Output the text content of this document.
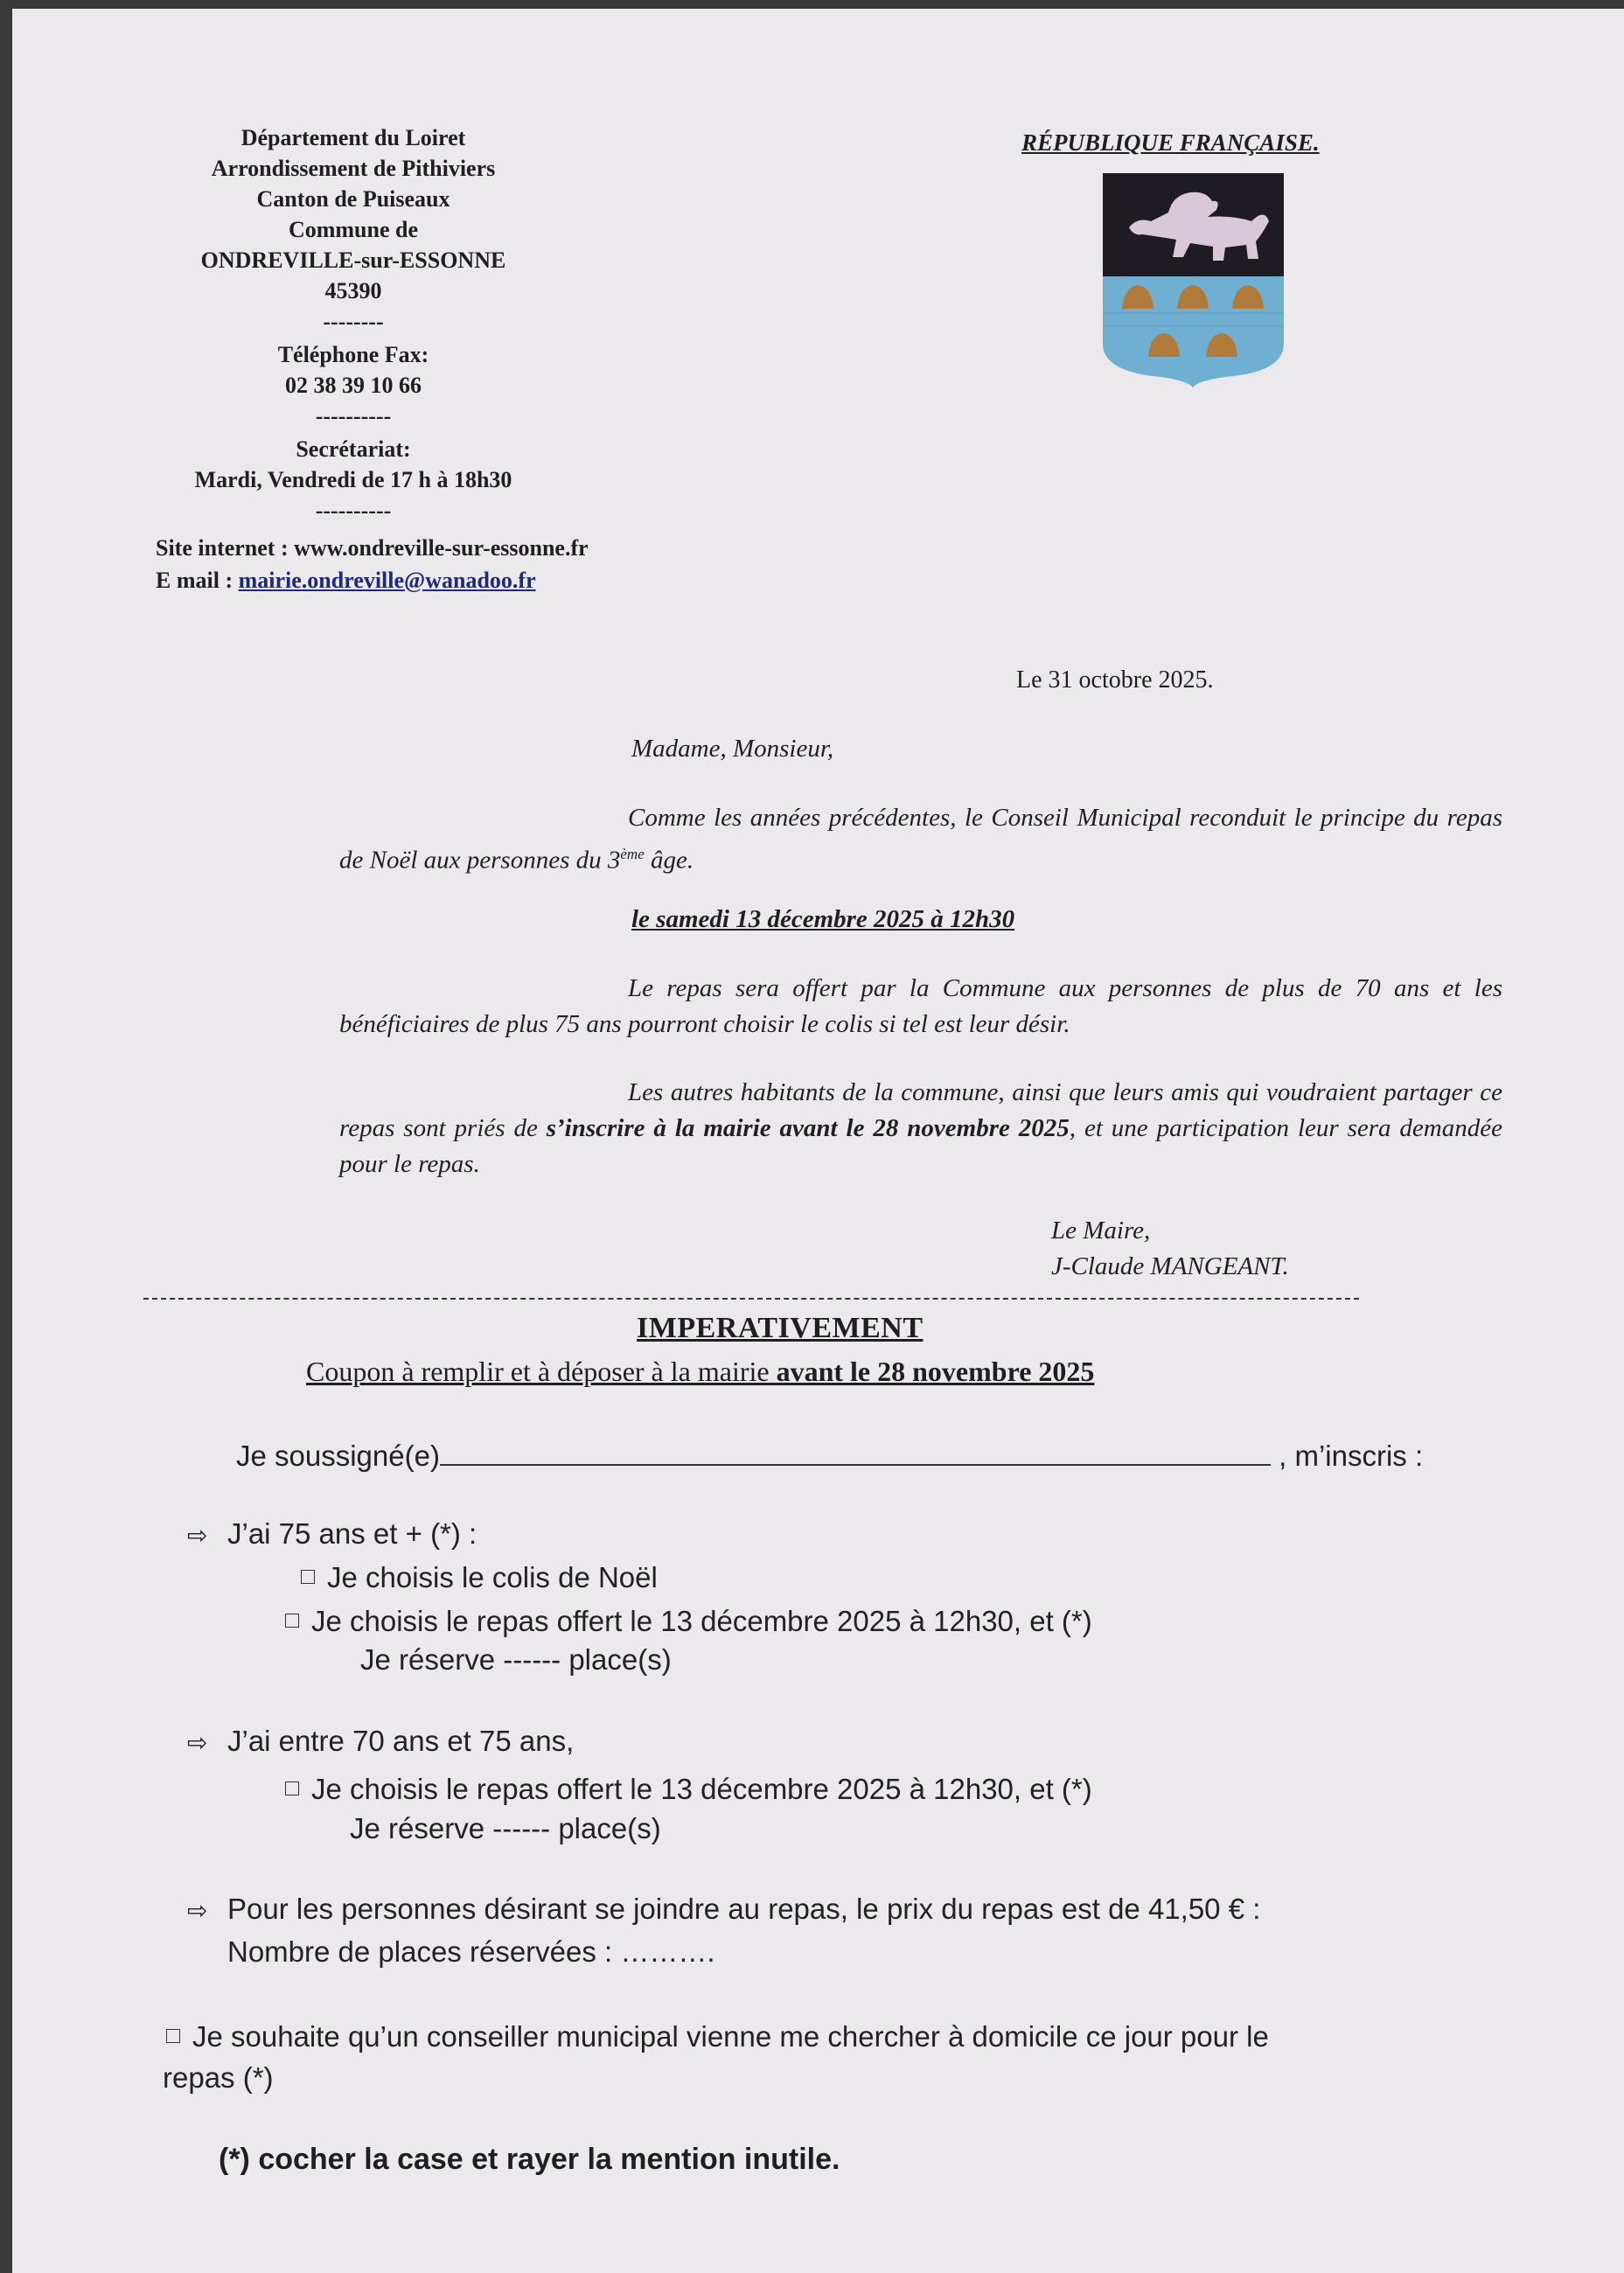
Département du Loiret
Arrondissement de Pithiviers
Canton de Puiseaux
Commune de
ONDREVILLE-sur-ESSONNE
45390
--------
Téléphone Fax:
02 38 39 10 66
----------
Secrétariat:
Mardi, Vendredi de 17 h à 18h30
----------
Site internet : www.ondreville-sur-essonne.fr
E mail : mairie.ondreville@wanadoo.fr
RÉPUBLIQUE FRANÇAISE.
Le 31 octobre 2025.
Madame, Monsieur,
Comme les années précédentes, le Conseil Municipal reconduit le principe du repas de Noël aux personnes du 3ème âge.
le samedi 13 décembre 2025 à 12h30
Le repas sera offert par la Commune aux personnes de plus de 70 ans et les bénéficiaires de plus 75 ans pourront choisir le colis si tel est leur désir.
Les autres habitants de la commune, ainsi que leurs amis qui voudraient partager ce repas sont priés de s’inscrire à la mairie avant le 28 novembre 2025, et une participation leur sera demandée pour le repas.
Le Maire,
J-Claude MANGEANT.
IMPERATIVEMENT
Coupon à remplir et à déposer à la mairie avant le 28 novembre 2025
Je soussigné(e)	, m’inscris :
⇨ J’ai 75 ans et + (*) :
Je choisis le colis de Noël
Je choisis le repas offert le 13 décembre 2025 à 12h30, et (*)
Je réserve ------ place(s)
⇨ J’ai entre 70 ans et 75 ans,
Je choisis le repas offert le 13 décembre 2025 à 12h30, et (*)
Je réserve ------ place(s)
⇨ Pour les personnes désirant se joindre au repas, le prix du repas est de 41,50 € :
Nombre de places réservées : ……….
Je souhaite qu’un conseiller municipal vienne me chercher à domicile ce jour pour le
repas (*)
(*) cocher la case et rayer la mention inutile.
